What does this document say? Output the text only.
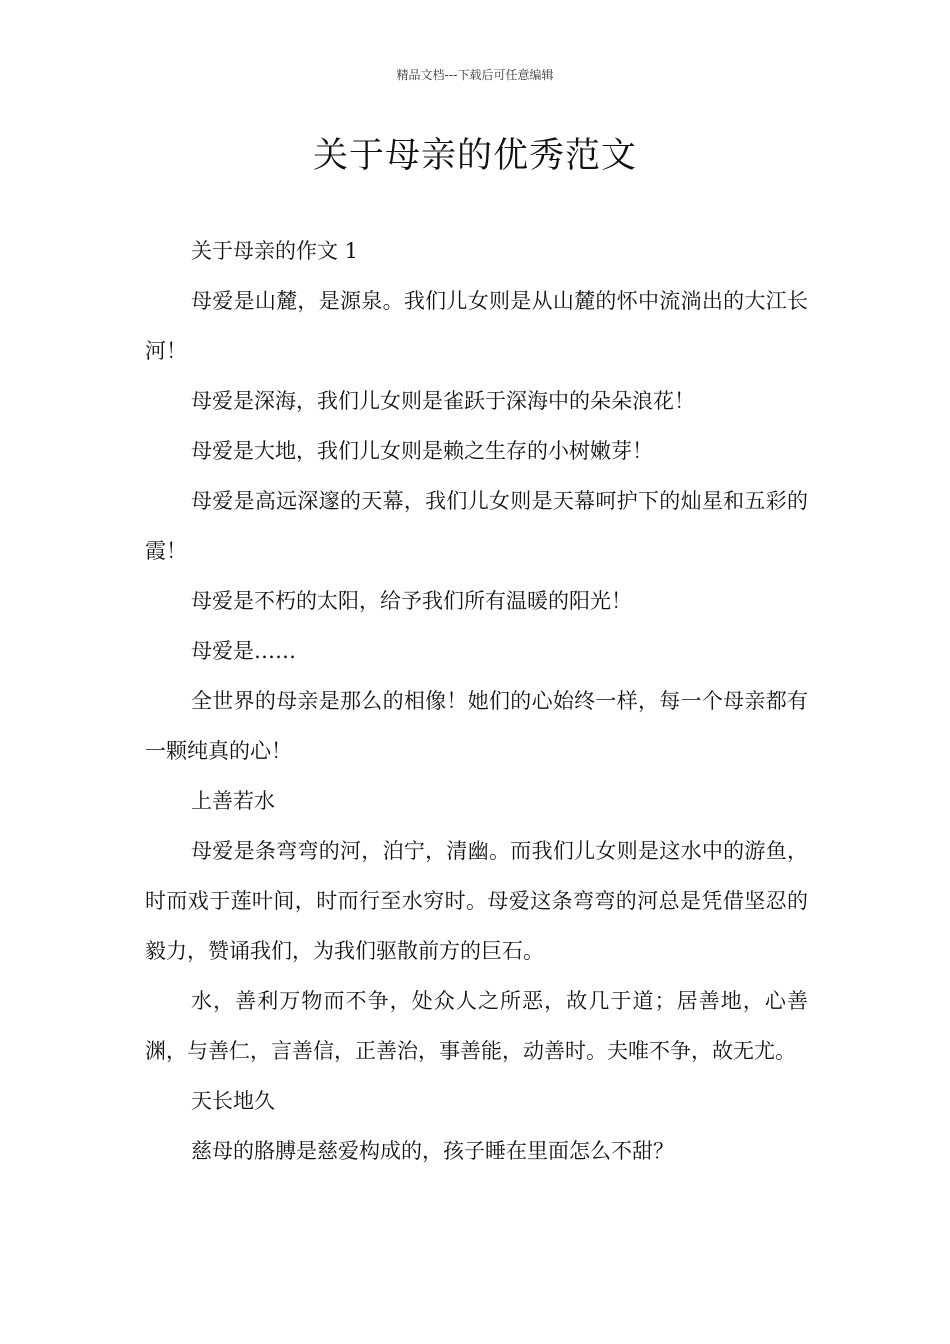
精品文档---下载后可任意编辑
关于母亲的优秀范文

关于母亲的作文 1

母爱是山麓，是源泉。我们儿女则是从山麓的怀中流淌出的大江长河！

母爱是深海，我们儿女则是雀跃于深海中的朵朵浪花！

母爱是大地，我们儿女则是赖之生存的小树嫩芽！

母爱是高远深邃的天幕，我们儿女则是天幕呵护下的灿星和五彩的霞！

母爱是不朽的太阳，给予我们所有温暖的阳光！

母爱是……

全世界的母亲是那么的相像！她们的心始终一样，每一个母亲都有一颗纯真的心！

上善若水

母爱是条弯弯的河，泊宁，清幽。而我们儿女则是这水中的游鱼，时而戏于莲叶间，时而行至水穷时。母爱这条弯弯的河总是凭借坚忍的毅力，赞诵我们，为我们驱散前方的巨石。

水，善利万物而不争，处众人之所恶，故几于道；居善地，心善渊，与善仁，言善信，正善治，事善能，动善时。夫唯不争，故无尤。

天长地久

慈母的胳膊是慈爱构成的，孩子睡在里面怎么不甜？
